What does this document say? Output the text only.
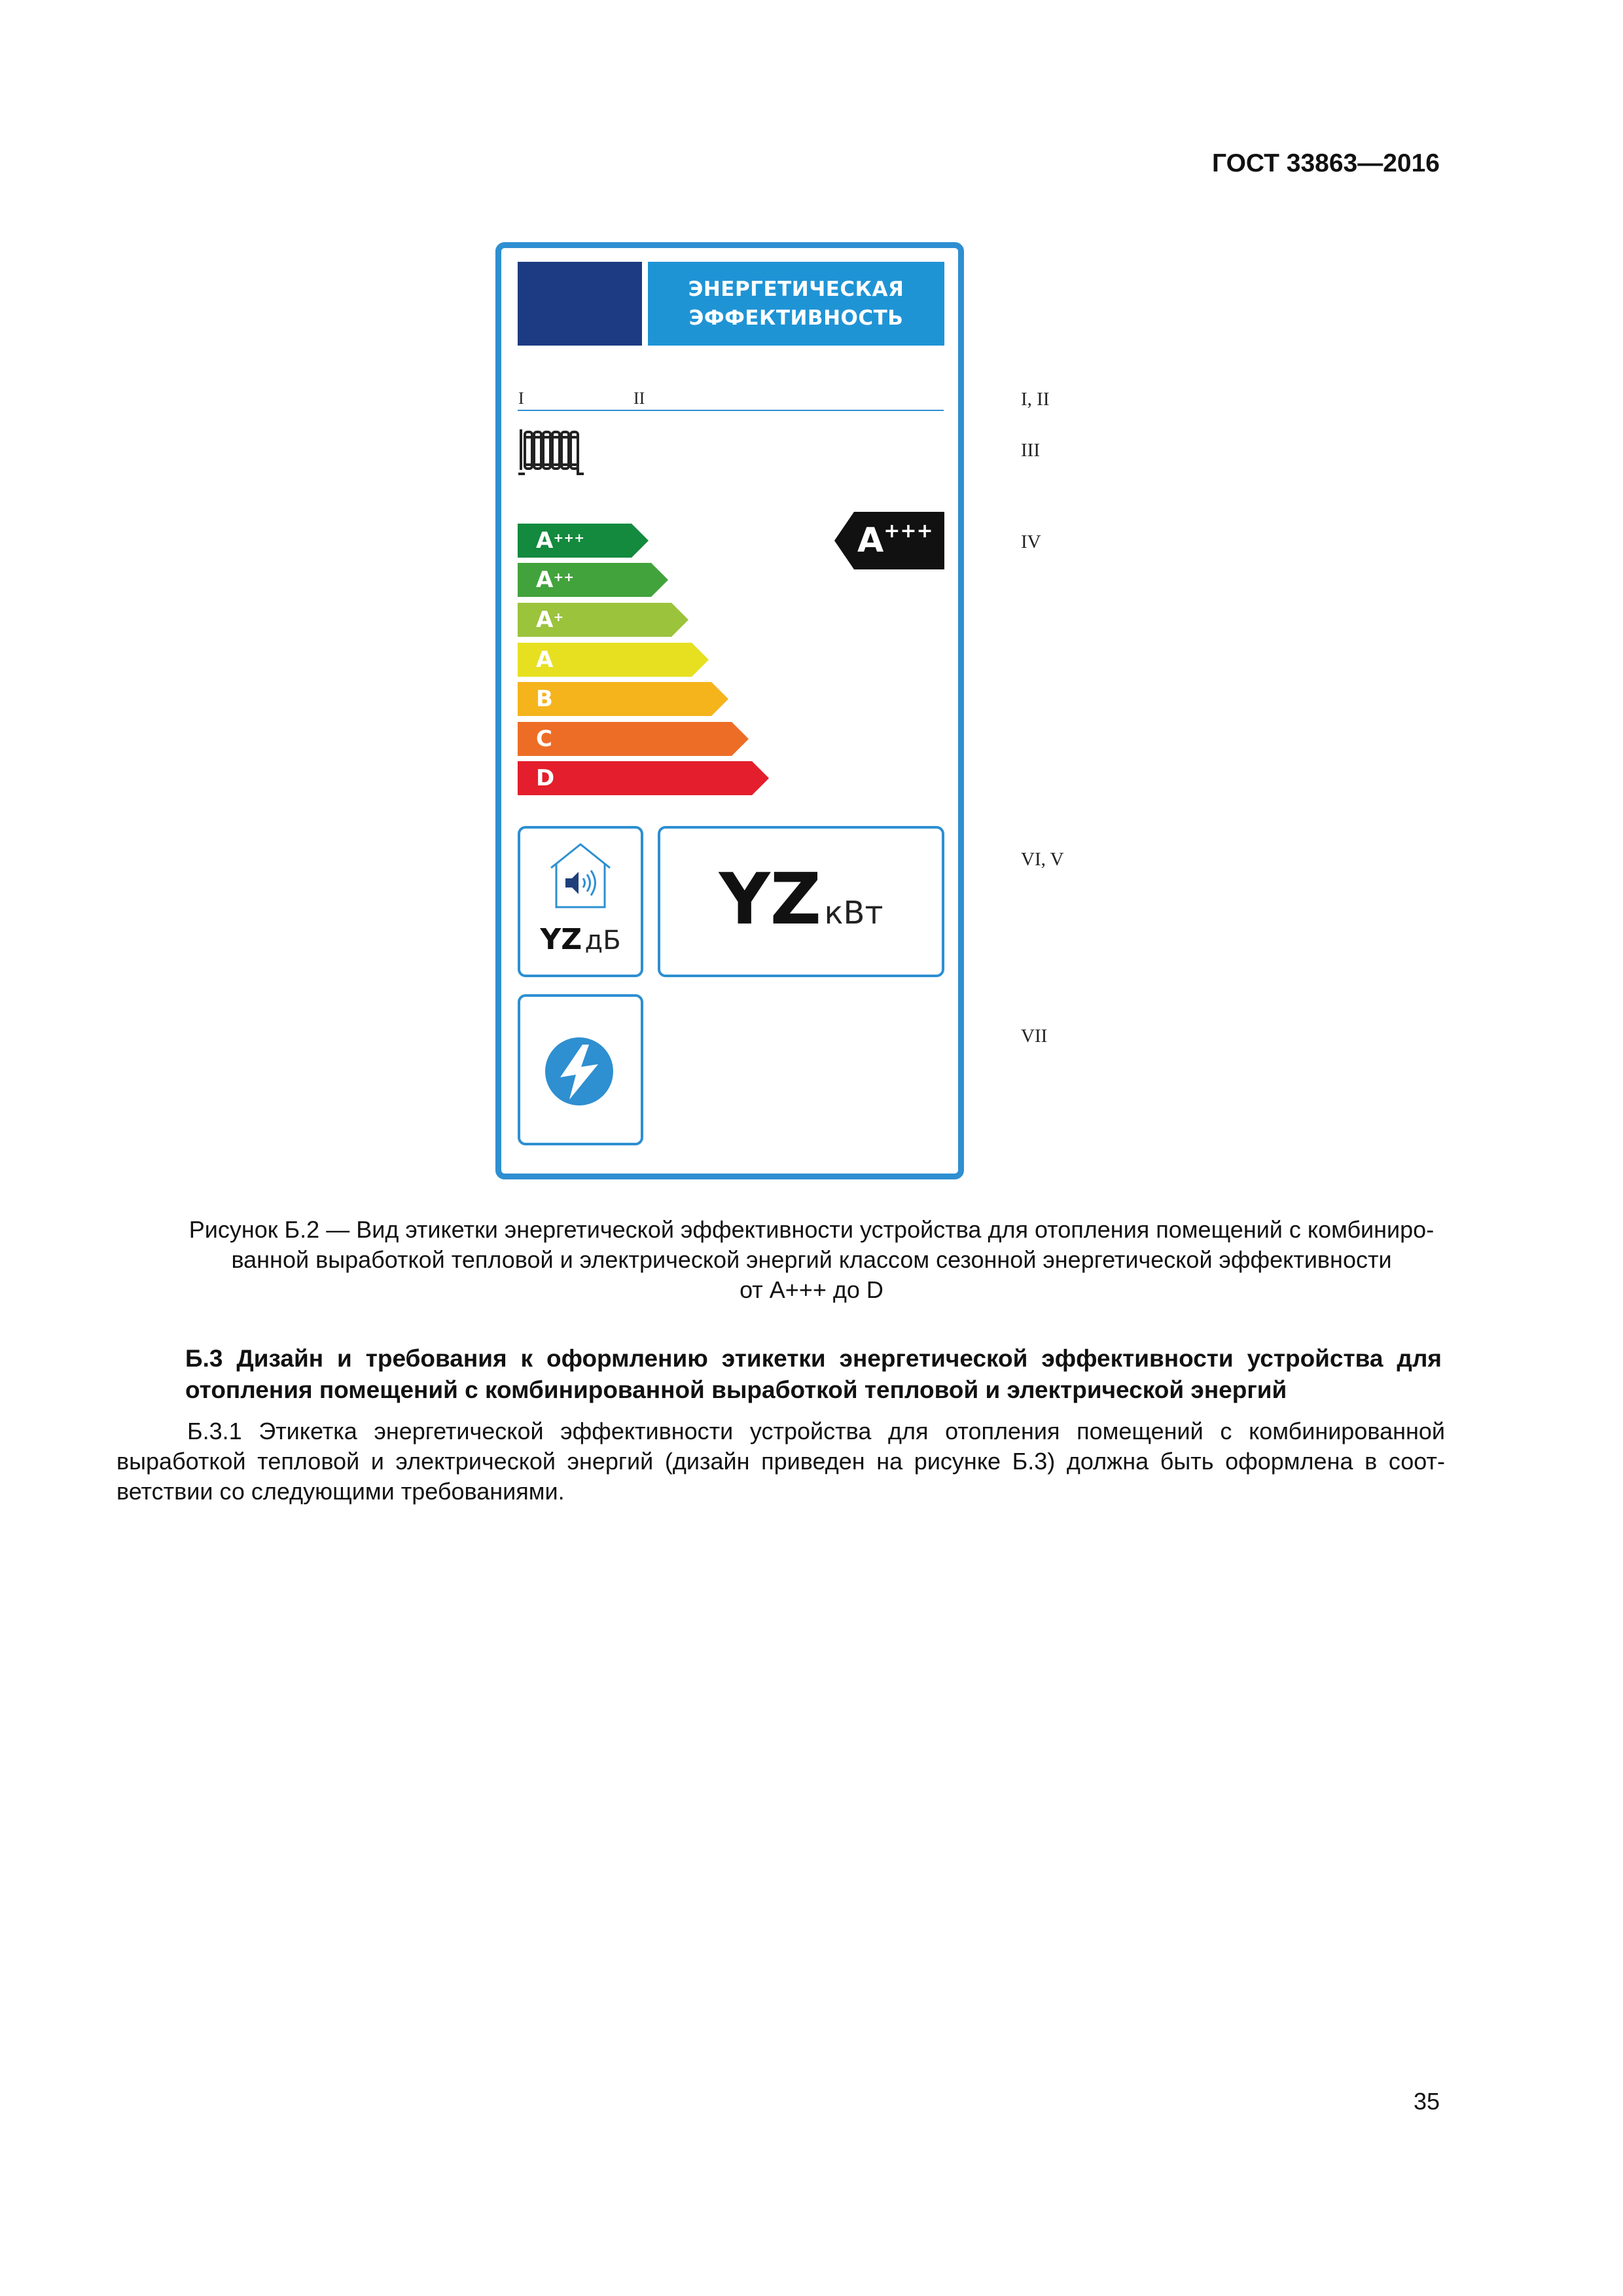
ГОСТ 33863—2016
ЭНЕРГЕТИЧЕСКАЯ
ЭФФЕКТИВНОСТЬ
I	II
A+++
A++
A+
A
B
C
D
A+++
YZ дБ	YZ кВт
I, II
III
IV
VI, V
VII
Рисунок Б.2 — Вид этикетки энергетической эффективности устройства для отопления помещений с комбиниро-
ванной выработкой тепловой и электрической энергий классом сезонной энергетической эффективности
от А+++ до D
Б.3 Дизайн и требования к оформлению этикетки энергетической эффективности устройства для
отопления помещений с комбинированной выработкой тепловой и электрической энергий
Б.3.1 Этикетка энергетической эффективности устройства для отопления помещений с комбинированной
выработкой тепловой и электрической энергий (дизайн приведен на рисунке Б.3) должна быть оформлена в соот-
ветствии со следующими требованиями.
35
